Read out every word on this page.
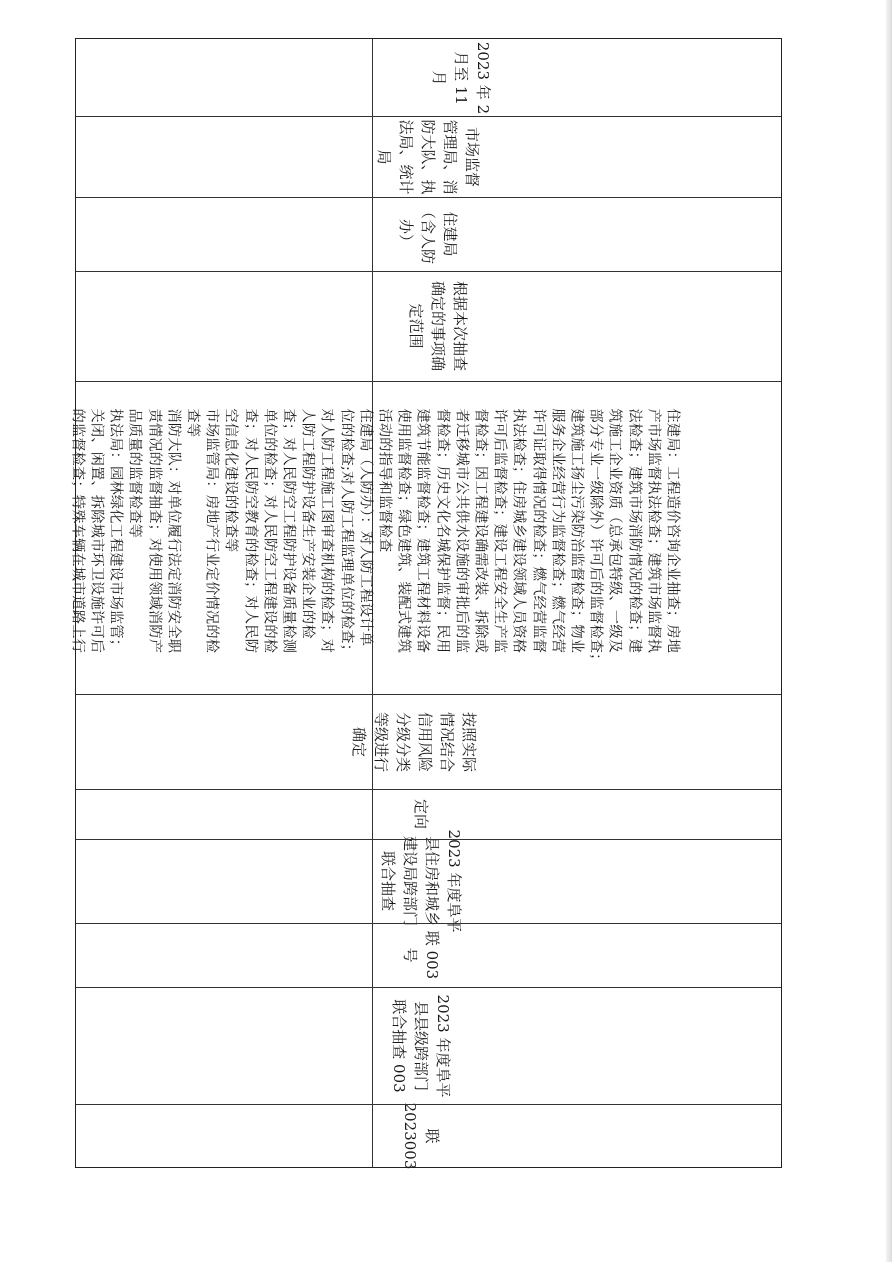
2023 年 2
月至 11
月
市场监督
管理局、消
防大队、执
法局、统计
局
住建局
（含人防
办）
根据本次抽查
确定的事项确
定范围
住建局：工程造价咨询企业抽查；房地
产市场监督执法检查；建筑市场监督执
法检查；建筑市场消防情况的检查；建
筑施工企业资质（总承包特级、一级及
部分专业一级除外）许可后的监督检查；
建筑施工扬尘污染防治监督检查；物业
服务企业经营行为监督检查；燃气经营
许可证取得情况的检查；燃气经营监督
执法检查；住房城乡建设领域人员资格
许可后监督检查；建设工程安全生产监
督检查；因工程建设确需改装、拆除或
者迁移城市公共供水设施的审批后的监
督检查；历史文化名城保护监督；民用
建筑节能监督检查；建筑工程材料设备
使用监督检查；绿色建筑、装配式建筑
活动的指导和监督检查
住建局（人防办）：对人防工程设计单
位的检查;对人防工程监理单位的检查；
对人防工程施工图审查机构的检查；对
人防工程防护设备生产安装企业的检
查；对人民防空工程防护设备质量检测
单位的检查；对人民防空工程建设的检
查；对人民防空教育的检查；对人民防
空信息化建设的检查等
市场监管局：房地产行业定价情况的检
查等
消防大队：对单位履行法定消防安全职
责情况的监督抽查；对使用领域消防产
品质量的监督检查等
执法局：园林绿化工程建设市场监管；
关闭、闲置、拆除城市环卫设施许可后
的监督检查；特殊车辆在城市道路上行
按照实际
情况结合
信用风险
分级分类
等级进行
确定
定向
2023 年度阜平
县住房和城乡
建设局跨部门
联合抽查
联 003
号
联
2023003
2023 年度阜平
县县级跨部门
联合抽查 003
